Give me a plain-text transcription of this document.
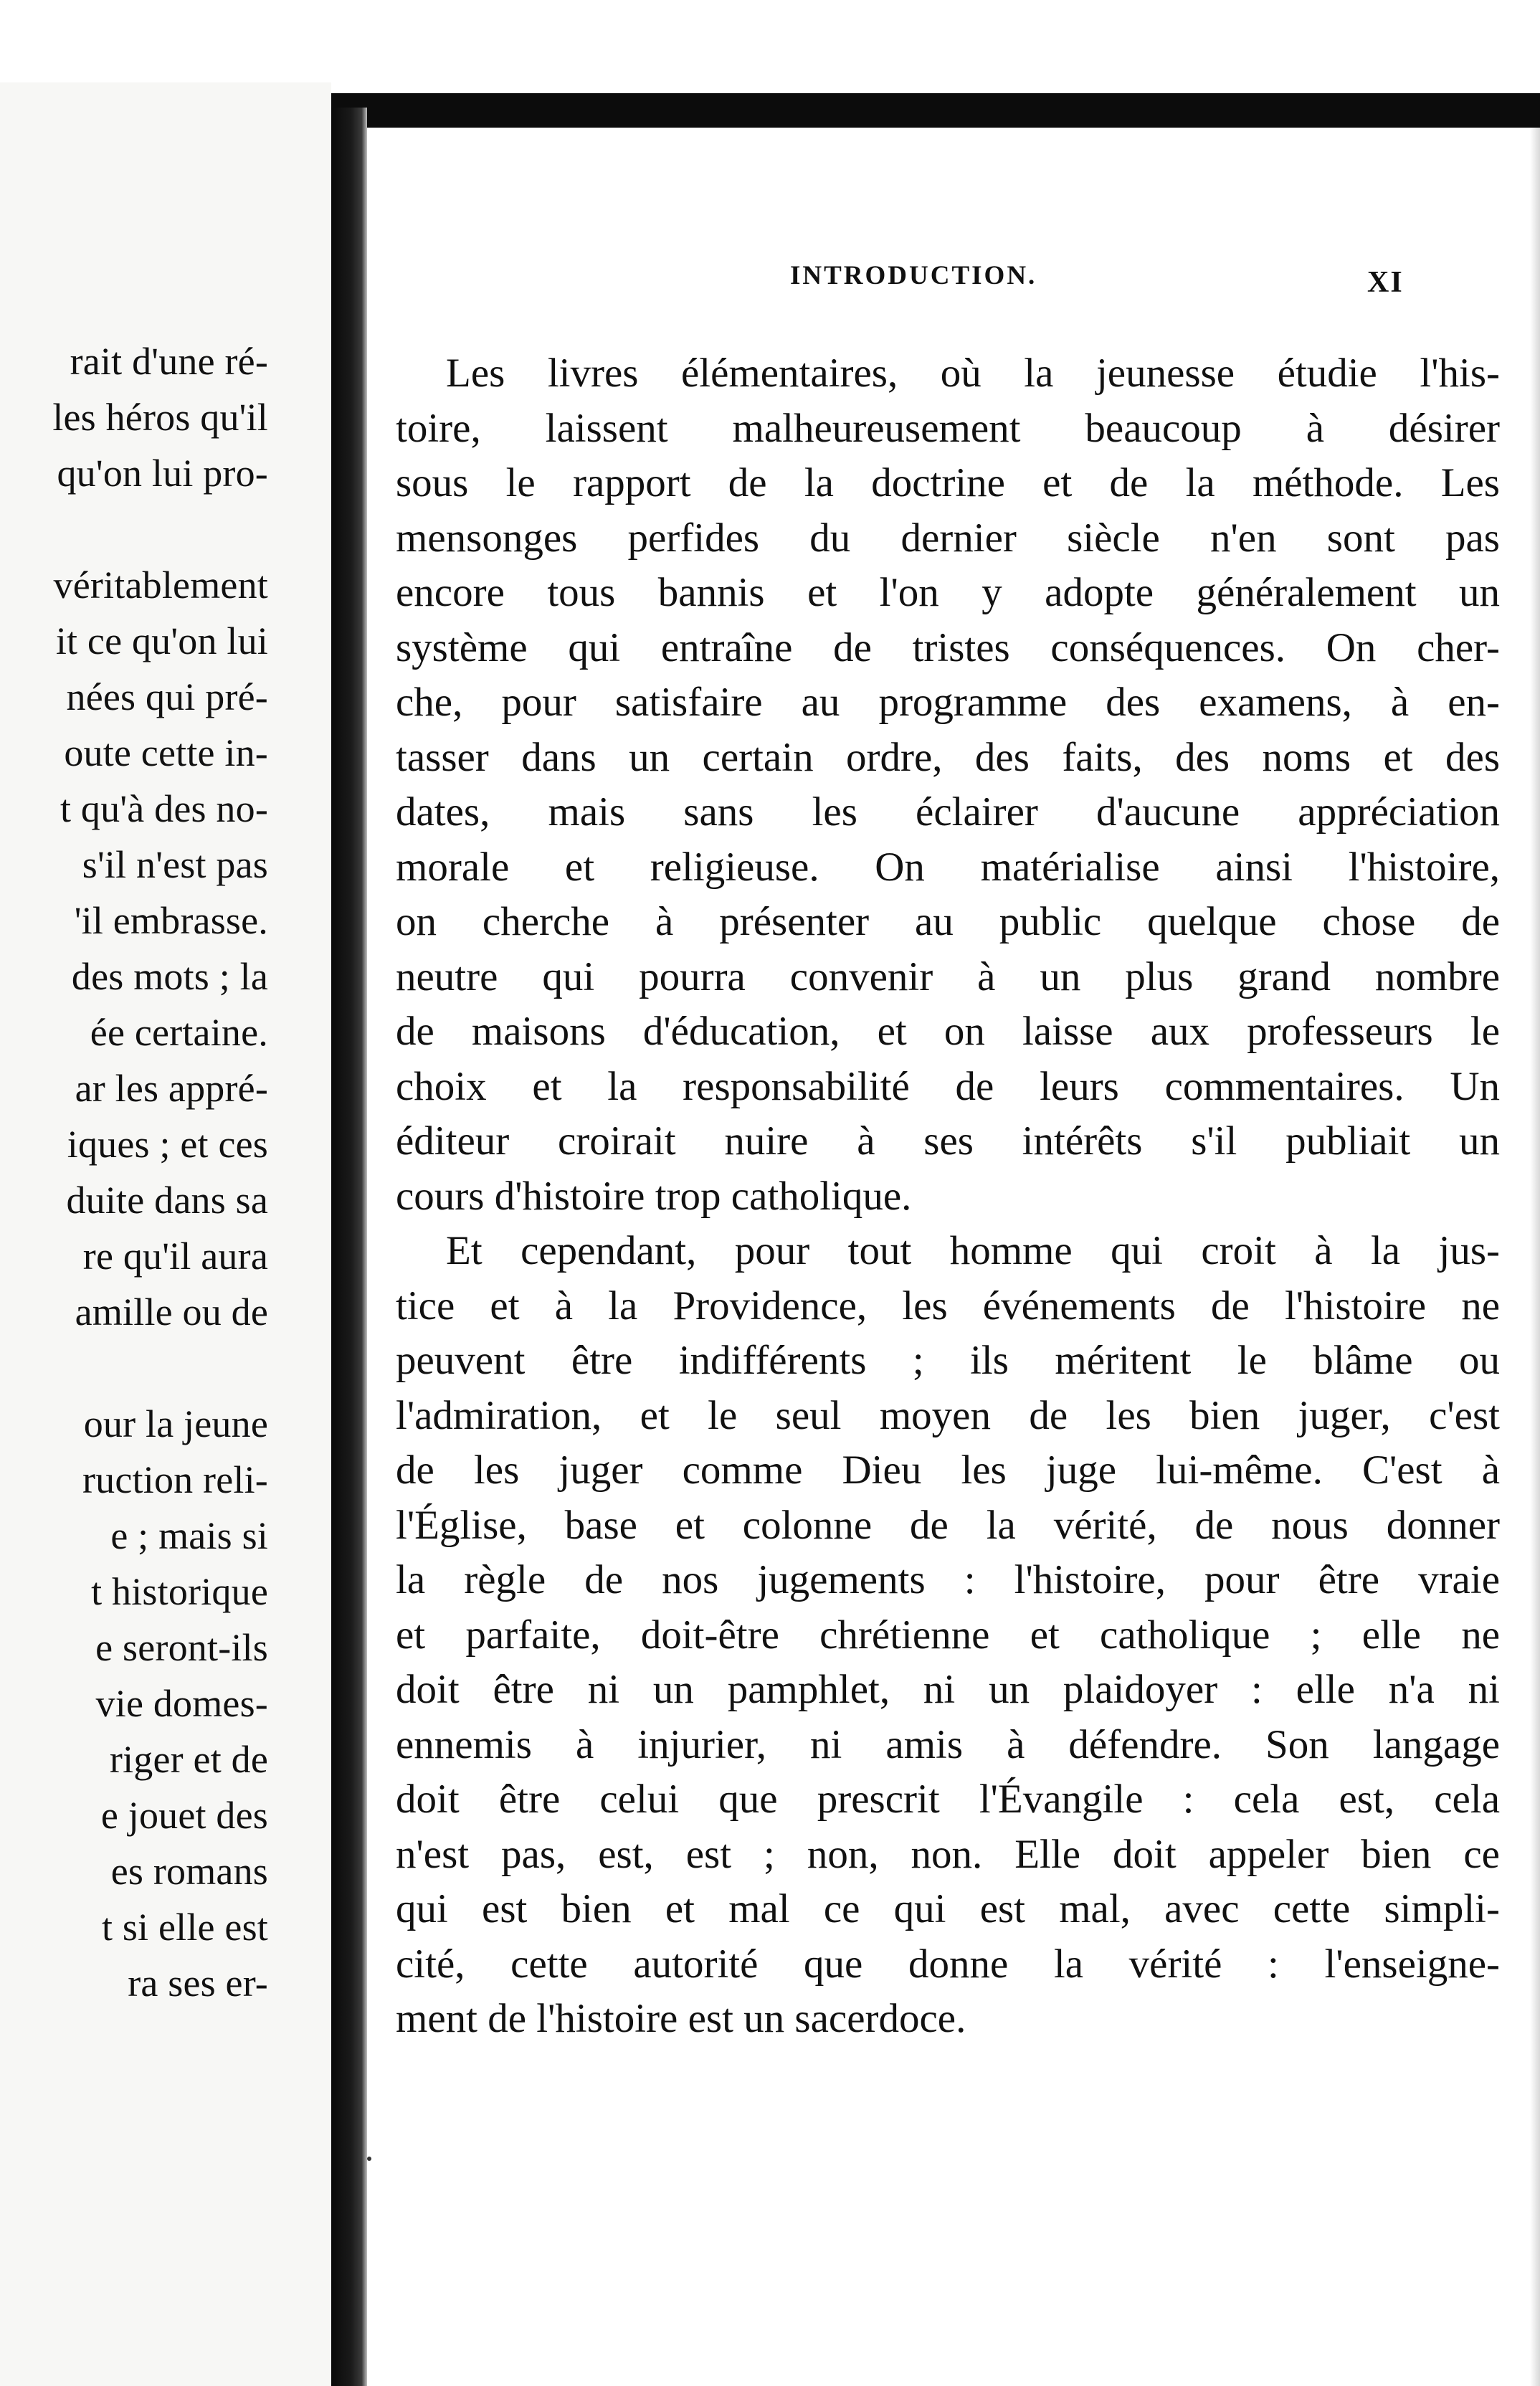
rait d'une ré-
les héros qu'il
qu'on lui pro-
véritablement
it ce qu'on lui
nées qui pré-
oute cette in-
t qu'à des no-
s'il n'est pas
'il embrasse.
des mots ; la
ée certaine.
ar les appré-
iques ; et ces
duite dans sa
re qu'il aura
amille ou de
our la jeune
ruction reli-
e ; mais si
t historique
e seront-ils
vie domes-
riger et de
e jouet des
es romans
t si elle est
ra ses er-
INTRODUCTION.	XI
Les livres élémentaires, où la jeunesse étudie l'his-
toire, laissent malheureusement beaucoup à désirer
sous le rapport de la doctrine et de la méthode. Les
mensonges perfides du dernier siècle n'en sont pas
encore tous bannis et l'on y adopte généralement un
système qui entraîne de tristes conséquences. On cher-
che, pour satisfaire au programme des examens, à en-
tasser dans un certain ordre, des faits, des noms et des
dates, mais sans les éclairer d'aucune appréciation
morale et religieuse. On matérialise ainsi l'histoire,
on cherche à présenter au public quelque chose de
neutre qui pourra convenir à un plus grand nombre
de maisons d'éducation, et on laisse aux professeurs le
choix et la responsabilité de leurs commentaires. Un
éditeur croirait nuire à ses intérêts s'il publiait un
cours d'histoire trop catholique.
Et cependant, pour tout homme qui croit à la jus-
tice et à la Providence, les événements de l'histoire ne
peuvent être indifférents ; ils méritent le blâme ou
l'admiration, et le seul moyen de les bien juger, c'est
de les juger comme Dieu les juge lui-même. C'est à
l'Église, base et colonne de la vérité, de nous donner
la règle de nos jugements : l'histoire, pour être vraie
et parfaite, doit-être chrétienne et catholique ; elle ne
doit être ni un pamphlet, ni un plaidoyer : elle n'a ni
ennemis à injurier, ni amis à défendre. Son langage
doit être celui que prescrit l'Évangile : cela est, cela
n'est pas, est, est ; non, non. Elle doit appeler bien ce
qui est bien et mal ce qui est mal, avec cette simpli-
cité, cette autorité que donne la vérité : l'enseigne-
ment de l'histoire est un sacerdoce.
